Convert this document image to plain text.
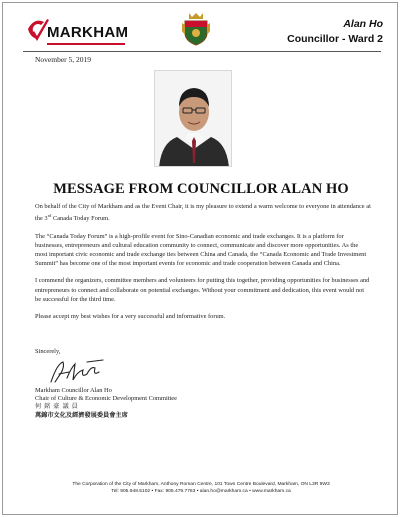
MARKHAM	Alan Ho
Councillor - Ward 2
November 5, 2019
MESSAGE FROM COUNCILLOR ALAN HO

On behalf of the City of Markham and as the Event Chair, it is my pleasure to extend a warm welcome to everyone in attendance at the 3rd Canada Today Forum.

The “Canada Today Forum” is a high-profile event for Sino-Canadian economic and trade exchanges. It is a platform for businesses, entrepreneurs and cultural education community to connect, communicate and discover more opportunities. As the most important civic economic and trade exchange ties between China and Canada, the “Canada Economic and Trade Investment Summit” has become one of the most important events for economic and trade cooperation between Canada and China.

I commend the organizers, committee members and volunteers for putting this together, providing opportunities for businesses and entrepreneurs to connect and collaborate on potential exchanges. Without your commitment and dedication, this event would not be successful for the third time.

Please accept my best wishes for a very successful and informative forum.

Sincerely,
Markham Councillor Alan Ho
Chair of Culture & Economic Development Committee
何 銘 豪 議 員
萬錦市文化及經濟發展委員會主席
The Corporation of the City of Markham, Anthony Roman Centre, 101 Town Centre Boulevard, Markham, ON L3R 9W3
Tel: 905.948.5102 • Fax: 905.479.7763 • alan.ho@markham.ca • www.markham.ca
